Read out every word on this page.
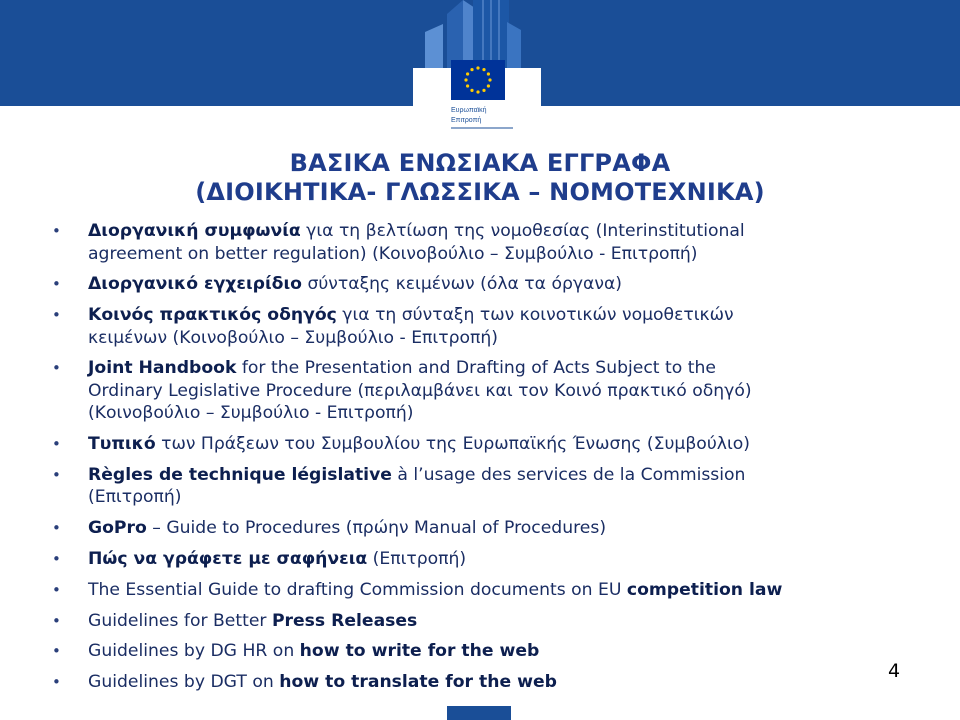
Ευρωπαϊκή
Επιτροπή
ΒΑΣΙΚΑ ΕΝΩΣΙΑΚΑ ΕΓΓΡΑΦΑ
(ΔΙΟΙΚΗΤΙΚΑ- ΓΛΩΣΣΙΚΑ – ΝΟΜΟΤΕΧΝΙΚΑ)
• Διοργανική συμφωνία για τη βελτίωση της νομοθεσίας (Interinstitutional
agreement on better regulation) (Κοινοβούλιο – Συμβούλιο - Επιτροπή)
• Διοργανικό εγχειρίδιο σύνταξης κειμένων (όλα τα όργανα)
• Κοινός πρακτικός οδηγός για τη σύνταξη των κοινοτικών νομοθετικών
κειμένων (Κοινοβούλιο – Συμβούλιο - Επιτροπή)
• Joint Handbook for the Presentation and Drafting of Acts Subject to the
Ordinary Legislative Procedure (περιλαμβάνει και τον Κοινό πρακτικό οδηγό)
(Κοινοβούλιο – Συμβούλιο - Επιτροπή)
• Τυπικό των Πράξεων του Συμβουλίου της Ευρωπαϊκής Ένωσης (Συμβούλιο)
• Règles de technique législative à l’usage des services de la Commission
(Επιτροπή)
• GoPro – Guide to Procedures (πρώην Manual of Procedures)
• Πώς να γράφετε με σαφήνεια (Επιτροπή)
• The Essential Guide to drafting Commission documents on EU competition law
• Guidelines for Better Press Releases
• Guidelines by DG HR on how to write for the web
• Guidelines by DGT on how to translate for the web
4
